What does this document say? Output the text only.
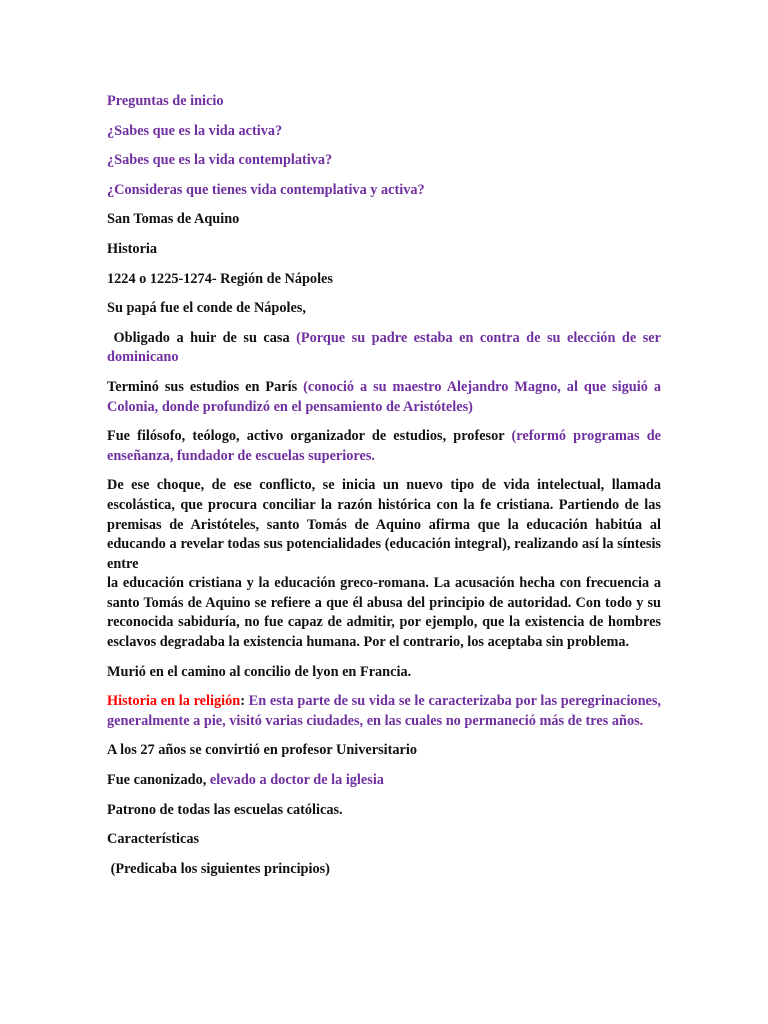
Preguntas de inicio

¿Sabes que es la vida activa?

¿Sabes que es la vida contemplativa?

¿Consideras que tienes vida contemplativa y activa?

San Tomas de Aquino

Historia

1224 o 1225-1274- Región de Nápoles

Su papá fue el conde de Nápoles,

Obligado a huir de su casa (Porque su padre estaba en contra de su elección de ser dominicano

Terminó sus estudios en París (conoció a su maestro Alejandro Magno, al que siguió a Colonia, donde profundizó en el pensamiento de Aristóteles)

Fue filósofo, teólogo, activo organizador de estudios, profesor (reformó programas de enseñanza, fundador de escuelas superiores.

De ese choque, de ese conflicto, se inicia un nuevo tipo de vida intelectual, llamada escolástica, que procura conciliar la razón histórica con la fe cristiana. Partiendo de las premisas de Aristóteles, santo Tomás de Aquino afirma que la educación habitúa al educando a revelar todas sus potencialidades (educación integral), realizando así la síntesis entre
la educación cristiana y la educación greco-romana. La acusación hecha con frecuencia a santo Tomás de Aquino se refiere a que él abusa del principio de autoridad. Con todo y su reconocida sabiduría, no fue capaz de admitir, por ejemplo, que la existencia de hombres esclavos degradaba la existencia humana. Por el contrario, los aceptaba sin problema.

Murió en el camino al concilio de lyon en Francia.

Historia en la religión: En esta parte de su vida se le caracterizaba por las peregrinaciones, generalmente a pie, visitó varias ciudades, en las cuales no permaneció más de tres años.

A los 27 años se convirtió en profesor Universitario

Fue canonizado, elevado a doctor de la iglesia

Patrono de todas las escuelas católicas.

Características

(Predicaba los siguientes principios)
